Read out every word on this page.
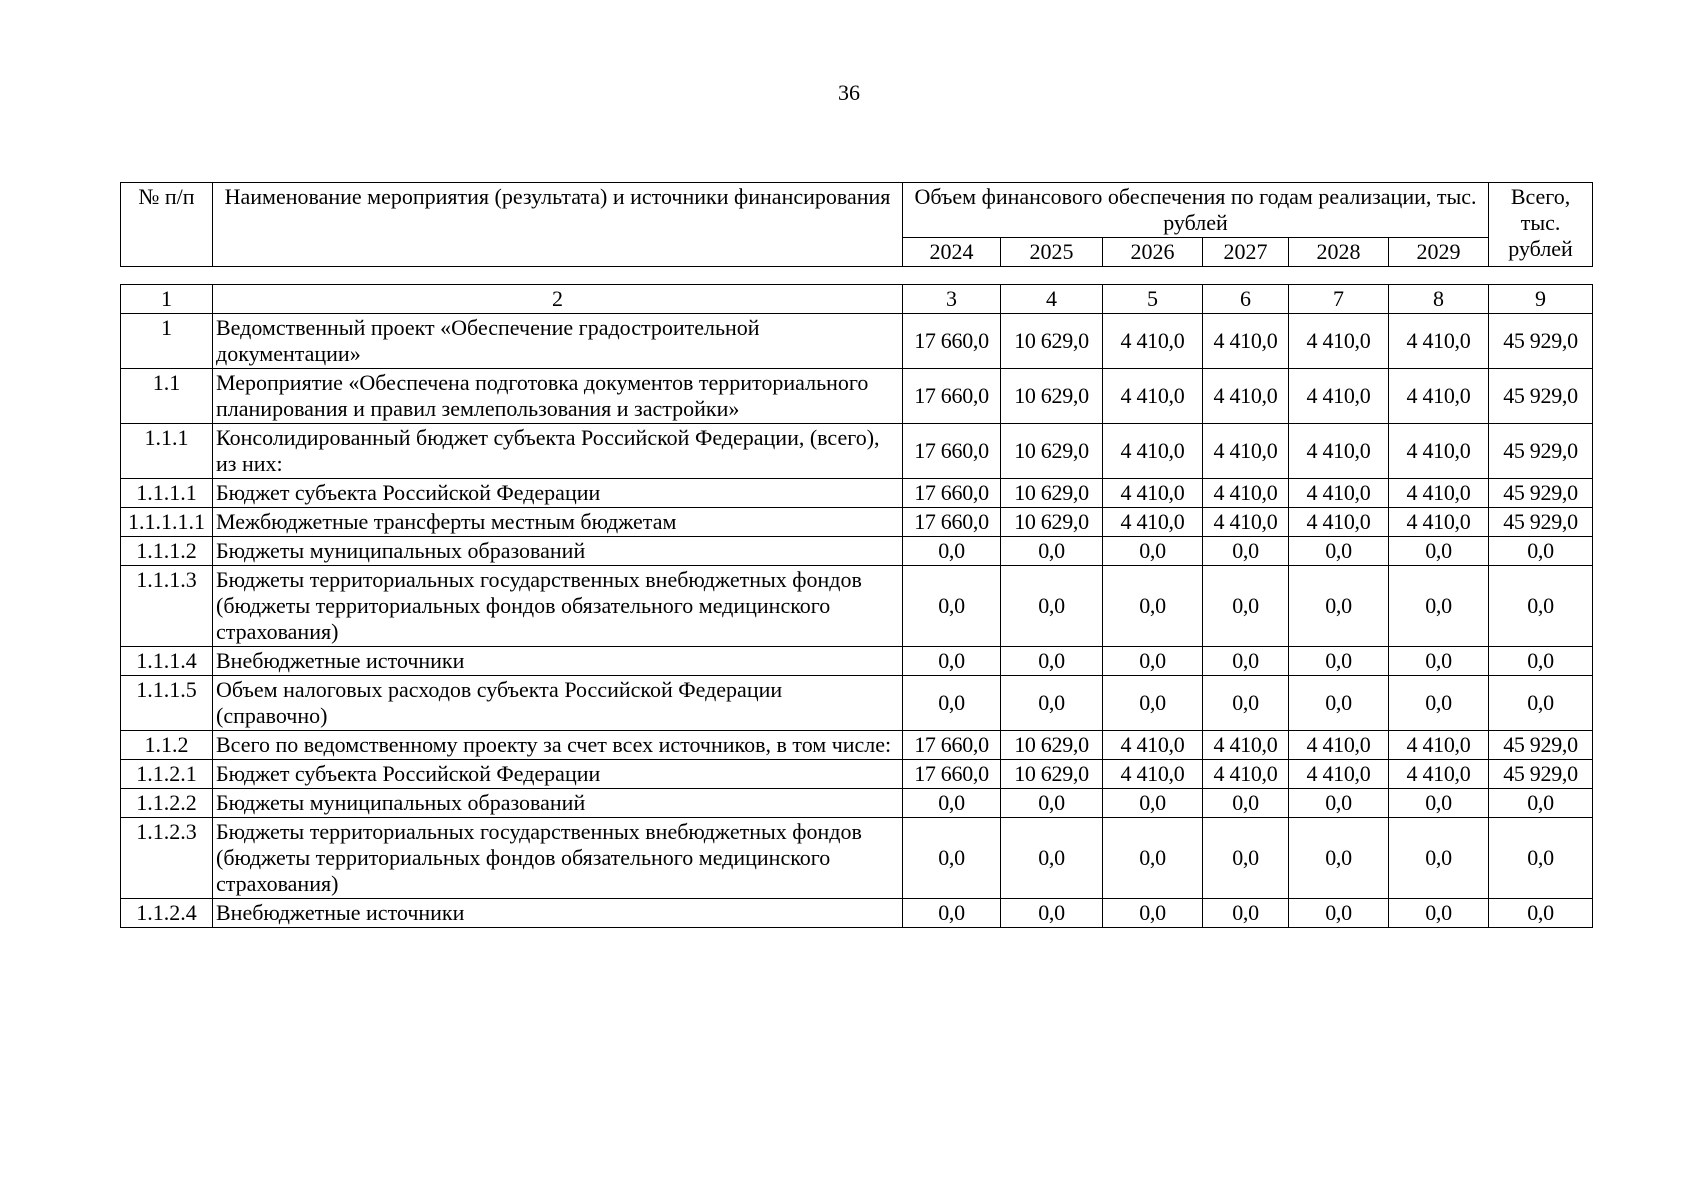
36
№ п/п	Наименование мероприятия (результата) и источники финансирования	Объем финансового обеспечения по годам реализации, тыс. рублей						Всего, тыс. рублей
		2024	2025	2026	2027	2028	2029	
1	2	3	4	5	6	7	8	9
1	Ведомственный проект «Обеспечение градостроительной документации»	17 660,0	10 629,0	4 410,0	4 410,0	4 410,0	4 410,0	45 929,0
1.1	Мероприятие «Обеспечена подготовка документов территориального планирования и правил землепользования и застройки»	17 660,0	10 629,0	4 410,0	4 410,0	4 410,0	4 410,0	45 929,0
1.1.1	Консолидированный бюджет субъекта Российской Федерации, (всего), из них:	17 660,0	10 629,0	4 410,0	4 410,0	4 410,0	4 410,0	45 929,0
1.1.1.1	Бюджет субъекта Российской Федерации	17 660,0	10 629,0	4 410,0	4 410,0	4 410,0	4 410,0	45 929,0
1.1.1.1.1	Межбюджетные трансферты местным бюджетам	17 660,0	10 629,0	4 410,0	4 410,0	4 410,0	4 410,0	45 929,0
1.1.1.2	Бюджеты муниципальных образований	0,0	0,0	0,0	0,0	0,0	0,0	0,0
1.1.1.3	Бюджеты территориальных государственных внебюджетных фондов (бюджеты территориальных фондов обязательного медицинского страхования)	0,0	0,0	0,0	0,0	0,0	0,0	0,0
1.1.1.4	Внебюджетные источники	0,0	0,0	0,0	0,0	0,0	0,0	0,0
1.1.1.5	Объем налоговых расходов субъекта Российской Федерации (справочно)	0,0	0,0	0,0	0,0	0,0	0,0	0,0
1.1.2	Всего по ведомственному проекту за счет всех источников, в том числе:	17 660,0	10 629,0	4 410,0	4 410,0	4 410,0	4 410,0	45 929,0
1.1.2.1	Бюджет субъекта Российской Федерации	17 660,0	10 629,0	4 410,0	4 410,0	4 410,0	4 410,0	45 929,0
1.1.2.2	Бюджеты муниципальных образований	0,0	0,0	0,0	0,0	0,0	0,0	0,0
1.1.2.3	Бюджеты территориальных государственных внебюджетных фондов (бюджеты территориальных фондов обязательного медицинского страхования)	0,0	0,0	0,0	0,0	0,0	0,0	0,0
1.1.2.4	Внебюджетные источники	0,0	0,0	0,0	0,0	0,0	0,0	0,0
